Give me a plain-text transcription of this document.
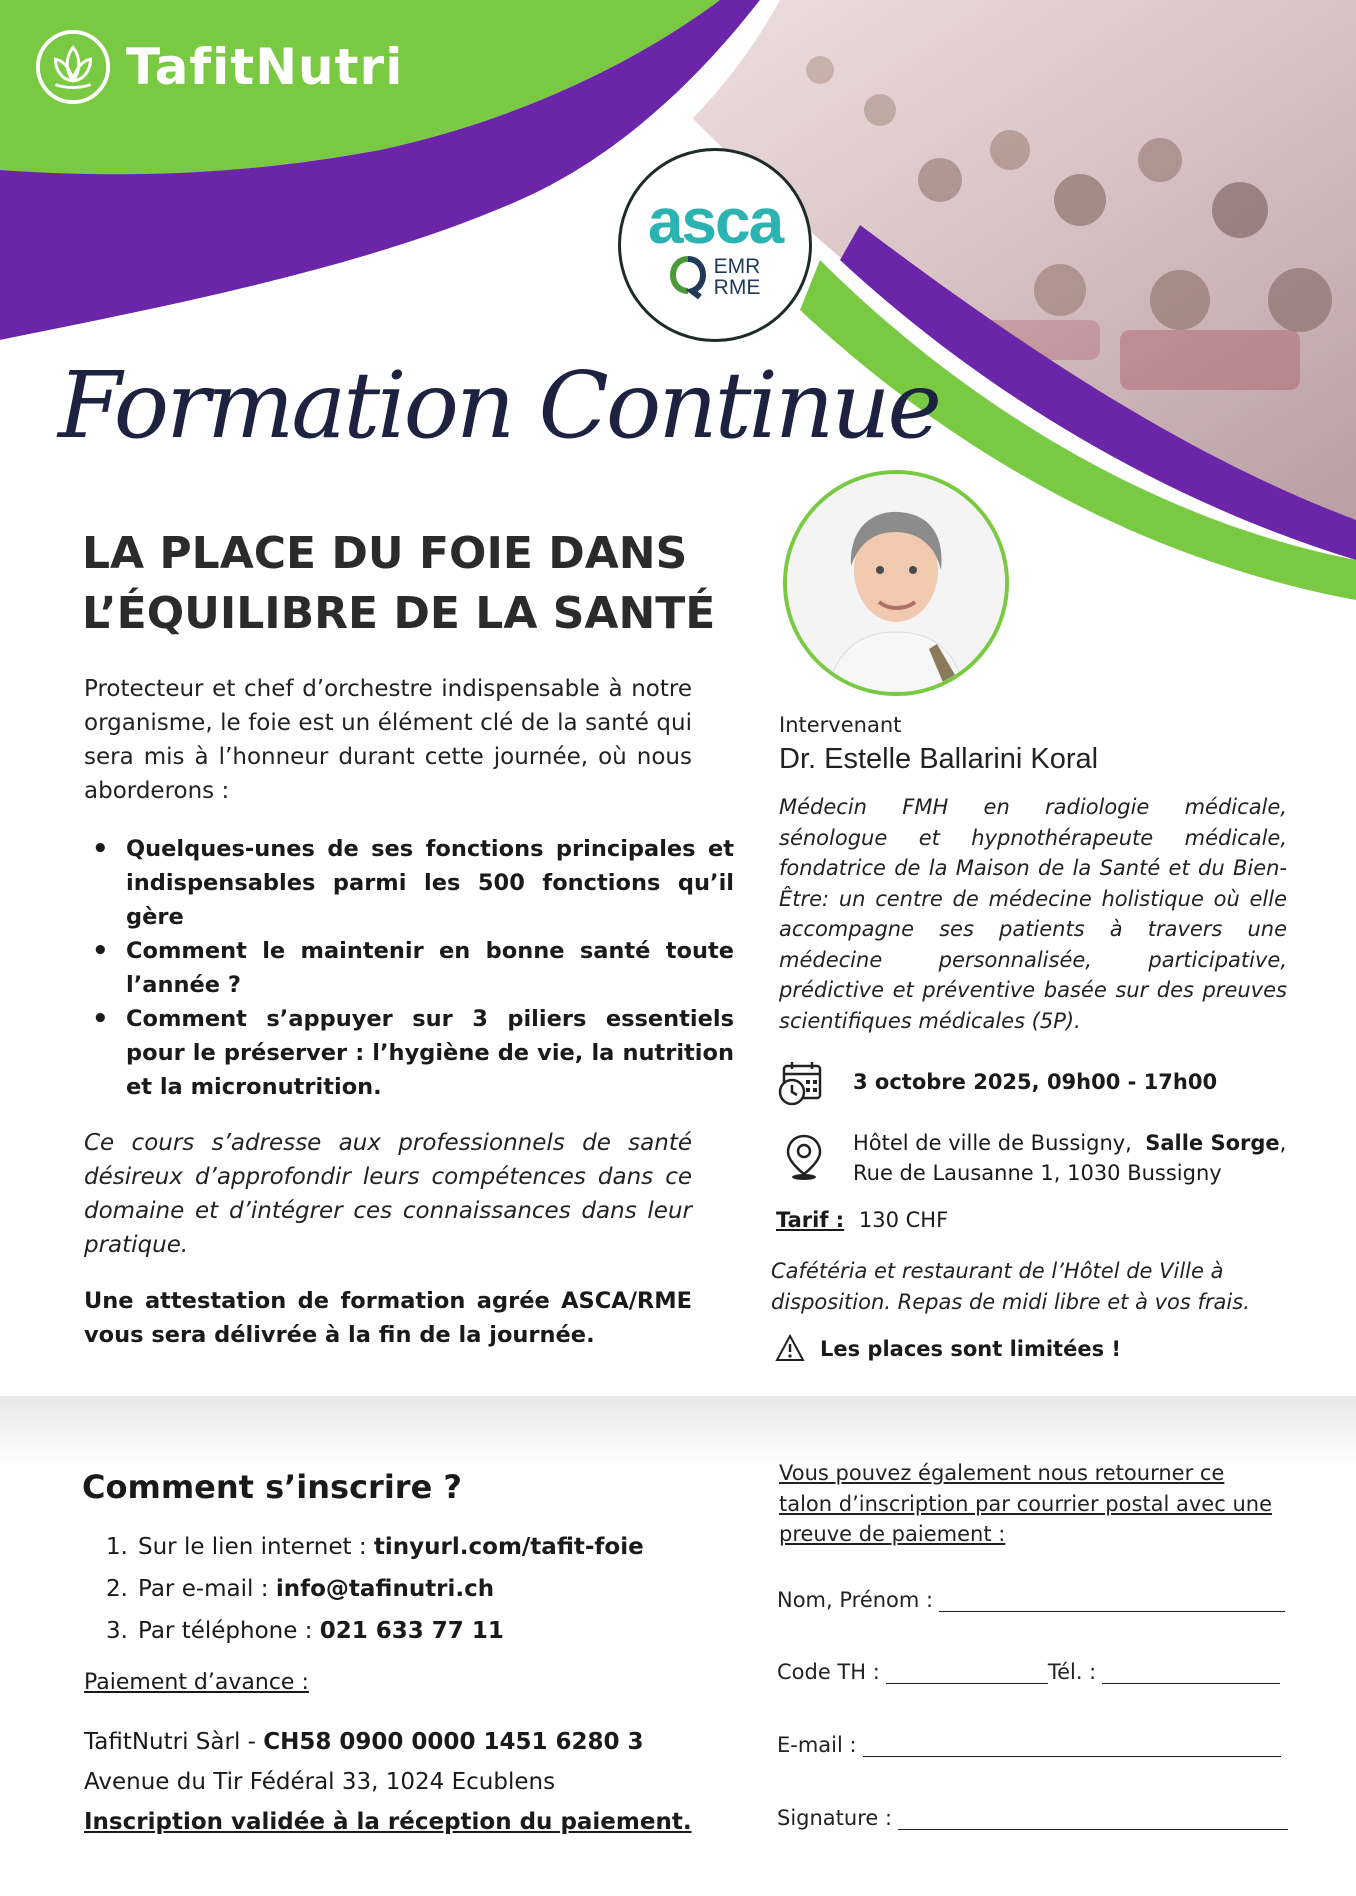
TafitNutri
asca
EMR
RME
Formation Continue
LA PLACE DU FOIE DANS
L’ÉQUILIBRE DE LA SANTÉ
Protecteur et chef d’orchestre indispensable à notre organisme, le foie est un élément clé de la santé qui sera mis à l’honneur durant cette journée, où nous aborderons :
• Quelques-unes de ses fonctions principales et indispensables parmi les 500 fonctions qu’il gère
• Comment le maintenir en bonne santé toute l’année ?
• Comment s’appuyer sur 3 piliers essentiels pour le préserver : l’hygiène de vie, la nutrition et la micronutrition.
Ce cours s’adresse aux professionnels de santé désireux d’approfondir leurs compétences dans ce domaine et d’intégrer ces connaissances dans leur pratique.
Une attestation de formation agrée ASCA/RME vous sera délivrée à la fin de la journée.
Intervenant
Dr. Estelle Ballarini Koral
Médecin FMH en radiologie médicale, sénologue et hypnothérapeute médicale, fondatrice de la Maison de la Santé et du Bien-Être: un centre de médecine holistique où elle accompagne ses patients à travers une médecine personnalisée, participative, prédictive et préventive basée sur des preuves scientifiques médicales (5P).
3 octobre 2025, 09h00 - 17h00
Hôtel de ville de Bussigny, Salle Sorge,
Rue de Lausanne 1, 1030 Bussigny
Tarif : 130 CHF
Cafétéria et restaurant de l’Hôtel de Ville à disposition. Repas de midi libre et à vos frais.
Les places sont limitées !
Comment s’inscrire ?
1. Sur le lien internet : tinyurl.com/tafit-foie
2. Par e-mail : info@tafinutri.ch
3. Par téléphone : 021 633 77 11
Paiement d’avance :
TafitNutri Sàrl - CH58 0900 0000 1451 6280 3
Avenue du Tir Fédéral 33, 1024 Ecublens
Inscription validée à la réception du paiement.
Vous pouvez également nous retourner ce talon d’inscription par courrier postal avec une preuve de paiement :
Nom, Prénom :
Code TH :	Tél. :
E-mail :
Signature :
